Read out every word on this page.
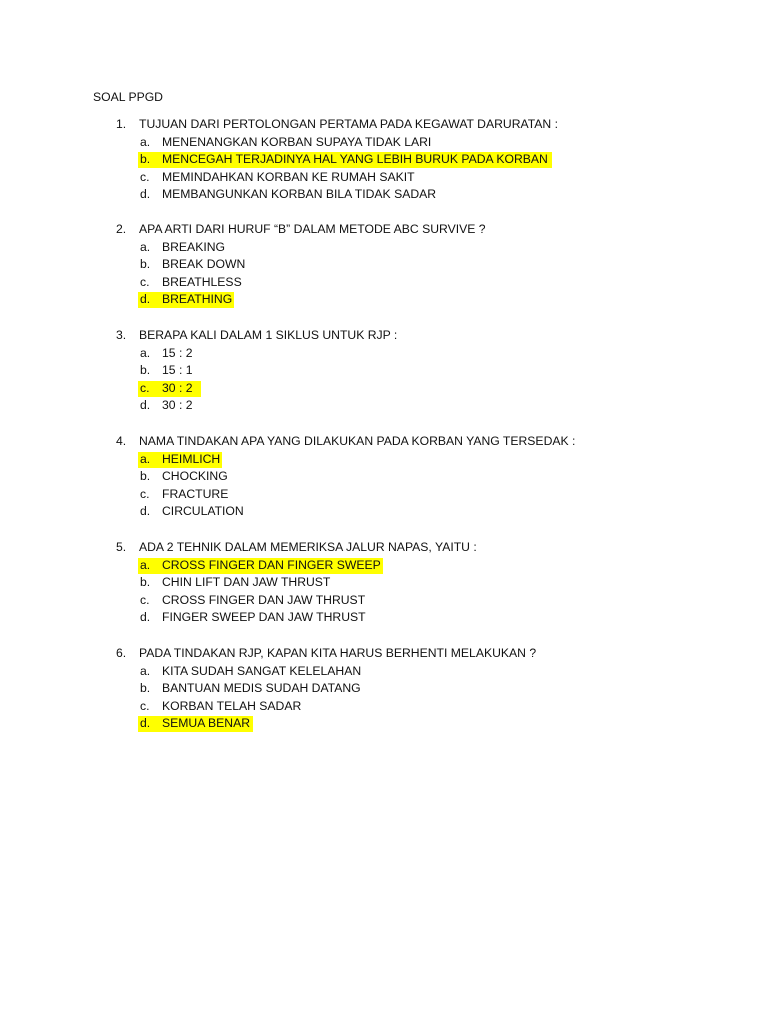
SOAL PPGD
1. TUJUAN DARI PERTOLONGAN PERTAMA PADA KEGAWAT DARURATAN :
a. MENENANGKAN KORBAN SUPAYA TIDAK LARI
b. MENCEGAH TERJADINYA HAL YANG LEBIH BURUK PADA KORBAN
c. MEMINDAHKAN KORBAN KE RUMAH SAKIT
d. MEMBANGUNKAN KORBAN BILA TIDAK SADAR
2. APA ARTI DARI HURUF “B” DALAM METODE ABC SURVIVE ?
a. BREAKING
b. BREAK DOWN
c. BREATHLESS
d. BREATHING
3. BERAPA KALI DALAM 1 SIKLUS UNTUK RJP :
a. 15 : 2
b. 15 : 1
c. 30 : 2
d. 30 : 2
4. NAMA TINDAKAN APA YANG DILAKUKAN PADA KORBAN YANG TERSEDAK :
a. HEIMLICH
b. CHOCKING
c. FRACTURE
d. CIRCULATION
5. ADA 2 TEHNIK DALAM MEMERIKSA JALUR NAPAS, YAITU :
a. CROSS FINGER DAN FINGER SWEEP
b. CHIN LIFT DAN JAW THRUST
c. CROSS FINGER DAN JAW THRUST
d. FINGER SWEEP DAN JAW THRUST
6. PADA TINDAKAN RJP, KAPAN KITA HARUS BERHENTI MELAKUKAN ?
a. KITA SUDAH SANGAT KELELAHAN
b. BANTUAN MEDIS SUDAH DATANG
c. KORBAN TELAH SADAR
d. SEMUA BENAR
